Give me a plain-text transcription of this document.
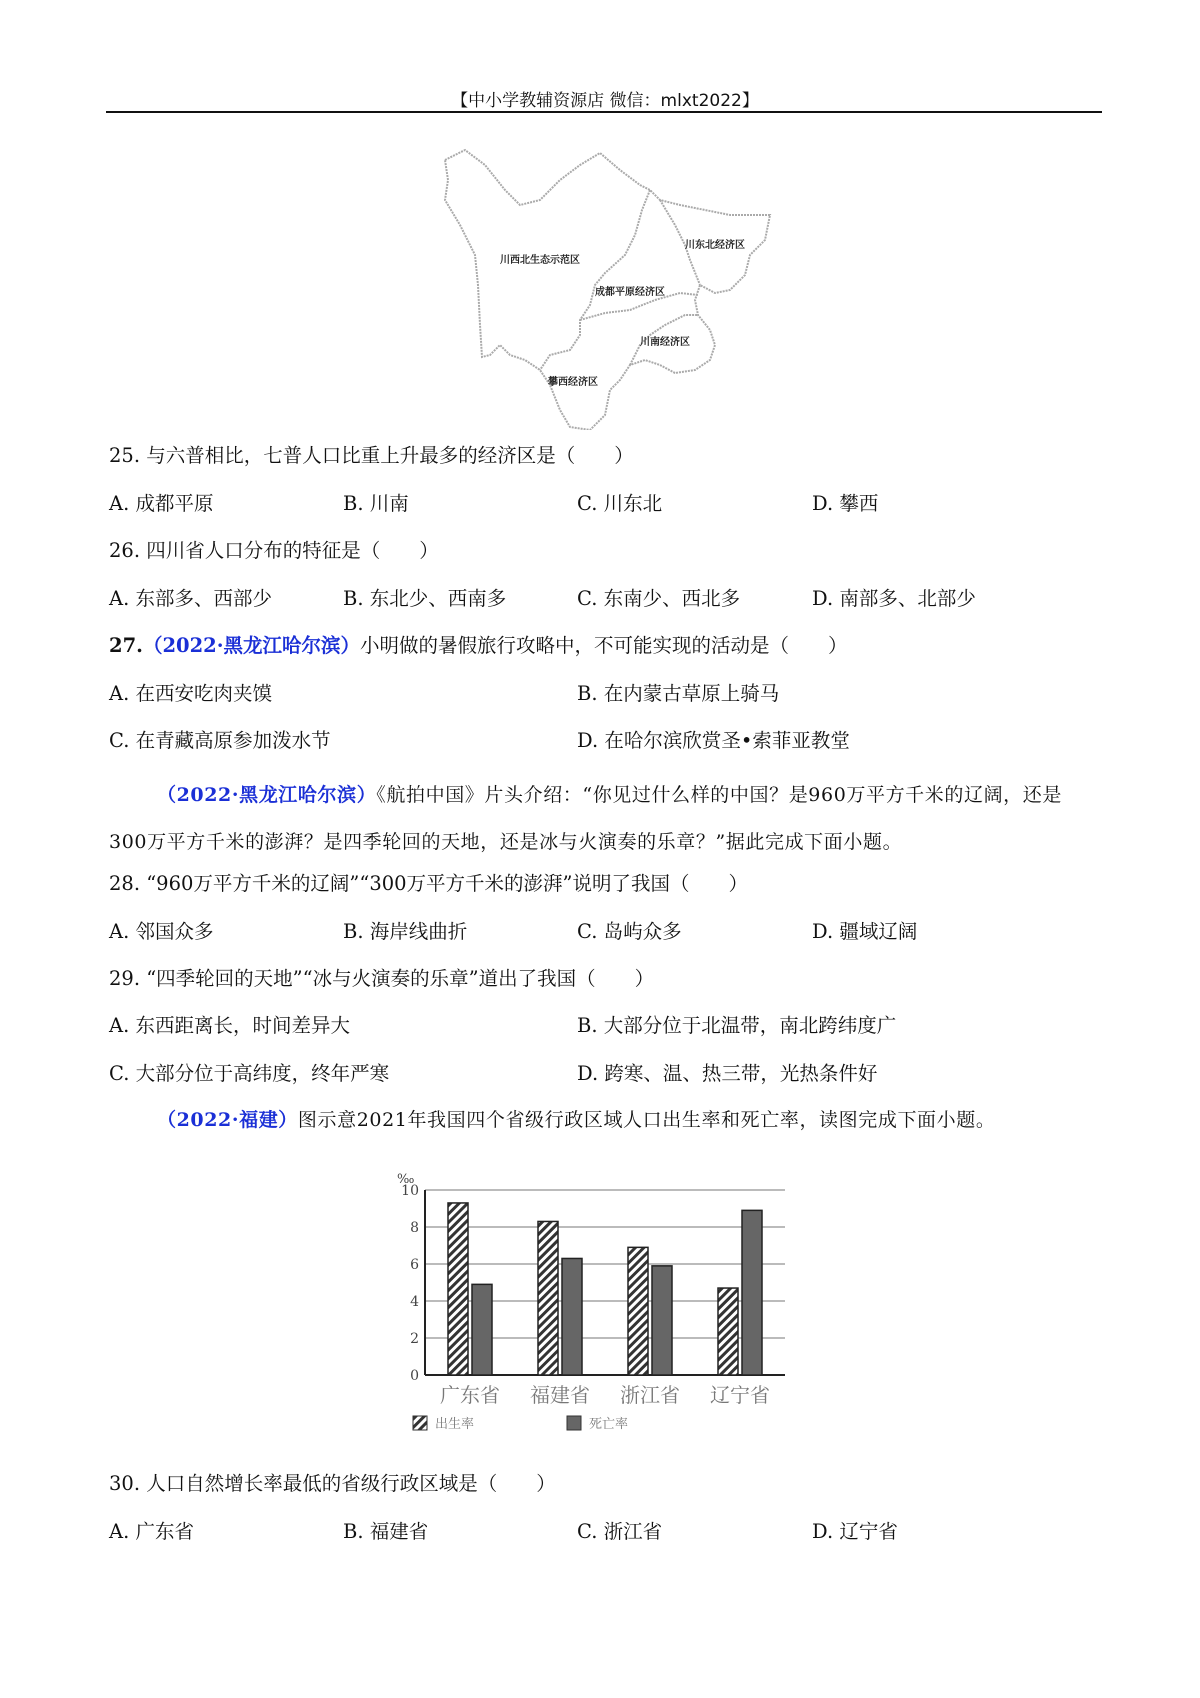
【中小学教辅资源店 微信：mlxt2022】
川西北生态示范区
川东北经济区
成都平原经济区
川南经济区
攀西经济区
25. 与六普相比，七普人口比重上升最多的经济区是（　　）
A. 成都平原	B. 川南	C. 川东北	D. 攀西
26. 四川省人口分布的特征是（　　）
A. 东部多、西部少	B. 东北少、西南多	C. 东南少、西北多	D. 南部多、北部少
27.（2022·黑龙江哈尔滨）小明做的暑假旅行攻略中，不可能实现的活动是（　　）
A. 在西安吃肉夹馍	B. 在内蒙古草原上骑马
C. 在青藏高原参加泼水节	D. 在哈尔滨欣赏圣•索菲亚教堂
（2022·黑龙江哈尔滨）《航拍中国》片头介绍：“你见过什么样的中国？是960万平方千米的辽阔，还是300万平方千米的澎湃？是四季轮回的天地，还是冰与火演奏的乐章？”据此完成下面小题。
28. “960万平方千米的辽阔”“300万平方千米的澎湃”说明了我国（　　）
A. 邻国众多	B. 海岸线曲折	C. 岛屿众多	D. 疆域辽阔
29. “四季轮回的天地”“冰与火演奏的乐章”道出了我国（　　）
A. 东西距离长，时间差异大	B. 大部分位于北温带，南北跨纬度广
C. 大部分位于高纬度，终年严寒	D. 跨寒、温、热三带，光热条件好
（2022·福建）图示意2021年我国四个省级行政区域人口出生率和死亡率，读图完成下面小题。
0
2
4
6
8
10
广东省 福建省 浙江省 辽宁省
‰
出生率	死亡率
30. 人口自然增长率最低的省级行政区域是（　　）
A. 广东省	B. 福建省	C. 浙江省	D. 辽宁省
